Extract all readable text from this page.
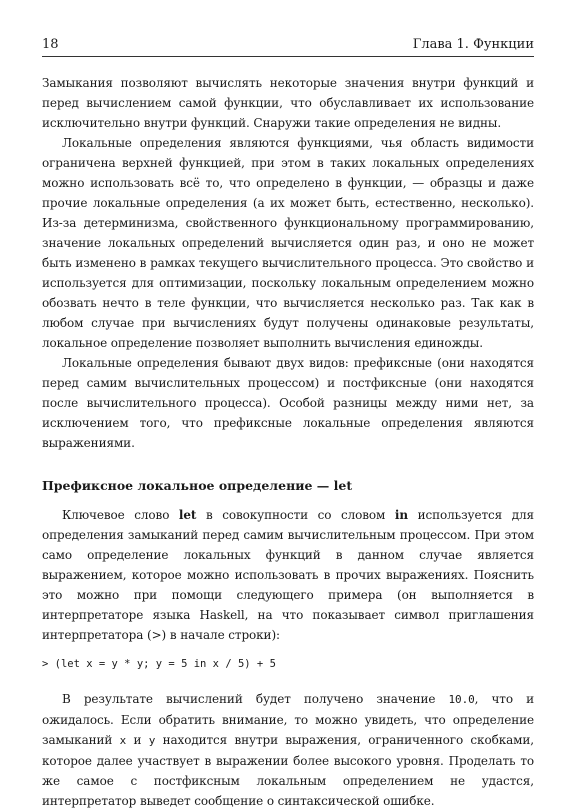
18	Глава 1. Функции

Замыкания позволяют вычислять некоторые значения внутри функций и перед вычислением самой функции, что обуславливает их использование исключительно внутри функций. Снаружи такие определения не видны.

Локальные определения являются функциями, чья область видимости ограничена верхней функцией, при этом в таких локальных определениях можно использовать всё то, что определено в функции, — образцы и даже прочие локальные определения (а их может быть, естественно, несколько). Из-за детерминизма, свойственного функциональному программированию, значение локальных определений вычисляется один раз, и оно не может быть изменено в рамках текущего вычислительного процесса. Это свойство и используется для оптимизации, поскольку локальным определением можно обозвать нечто в теле функции, что вычисляется несколько раз. Так как в любом случае при вычислениях будут получены одинаковые результаты, локальное определение позволяет выполнить вычисления единожды.

Локальные определения бывают двух видов: префиксные (они находятся перед самим вычислительных процессом) и постфиксные (они находятся после вычислительного процесса). Особой разницы между ними нет, за исключением того, что префиксные локальные определения являются выражениями.

Префиксное локальное определение — let

Ключевое слово let в совокупности со словом in используется для определения замыканий перед самим вычислительным процессом. При этом само определение локальных функций в данном случае является выражением, которое можно использовать в прочих выражениях. Пояснить это можно при помощи следующего примера (он выполняется в интерпретаторе языка Haskell, на что показывает символ приглашения интерпретатора (>) в начале строки):

> (let x = y * y; y = 5 in x / 5) + 5

В результате вычислений будет получено значение 10.0, что и ожидалось. Если обратить внимание, то можно увидеть, что определение замыканий x и y находится внутри выражения, ограниченного скобками, которое далее участвует в выражении более высокого уровня. Проделать то же самое с постфиксным локальным определением не удастся, интерпретатор выведет сообщение о синтаксической ошибке.
